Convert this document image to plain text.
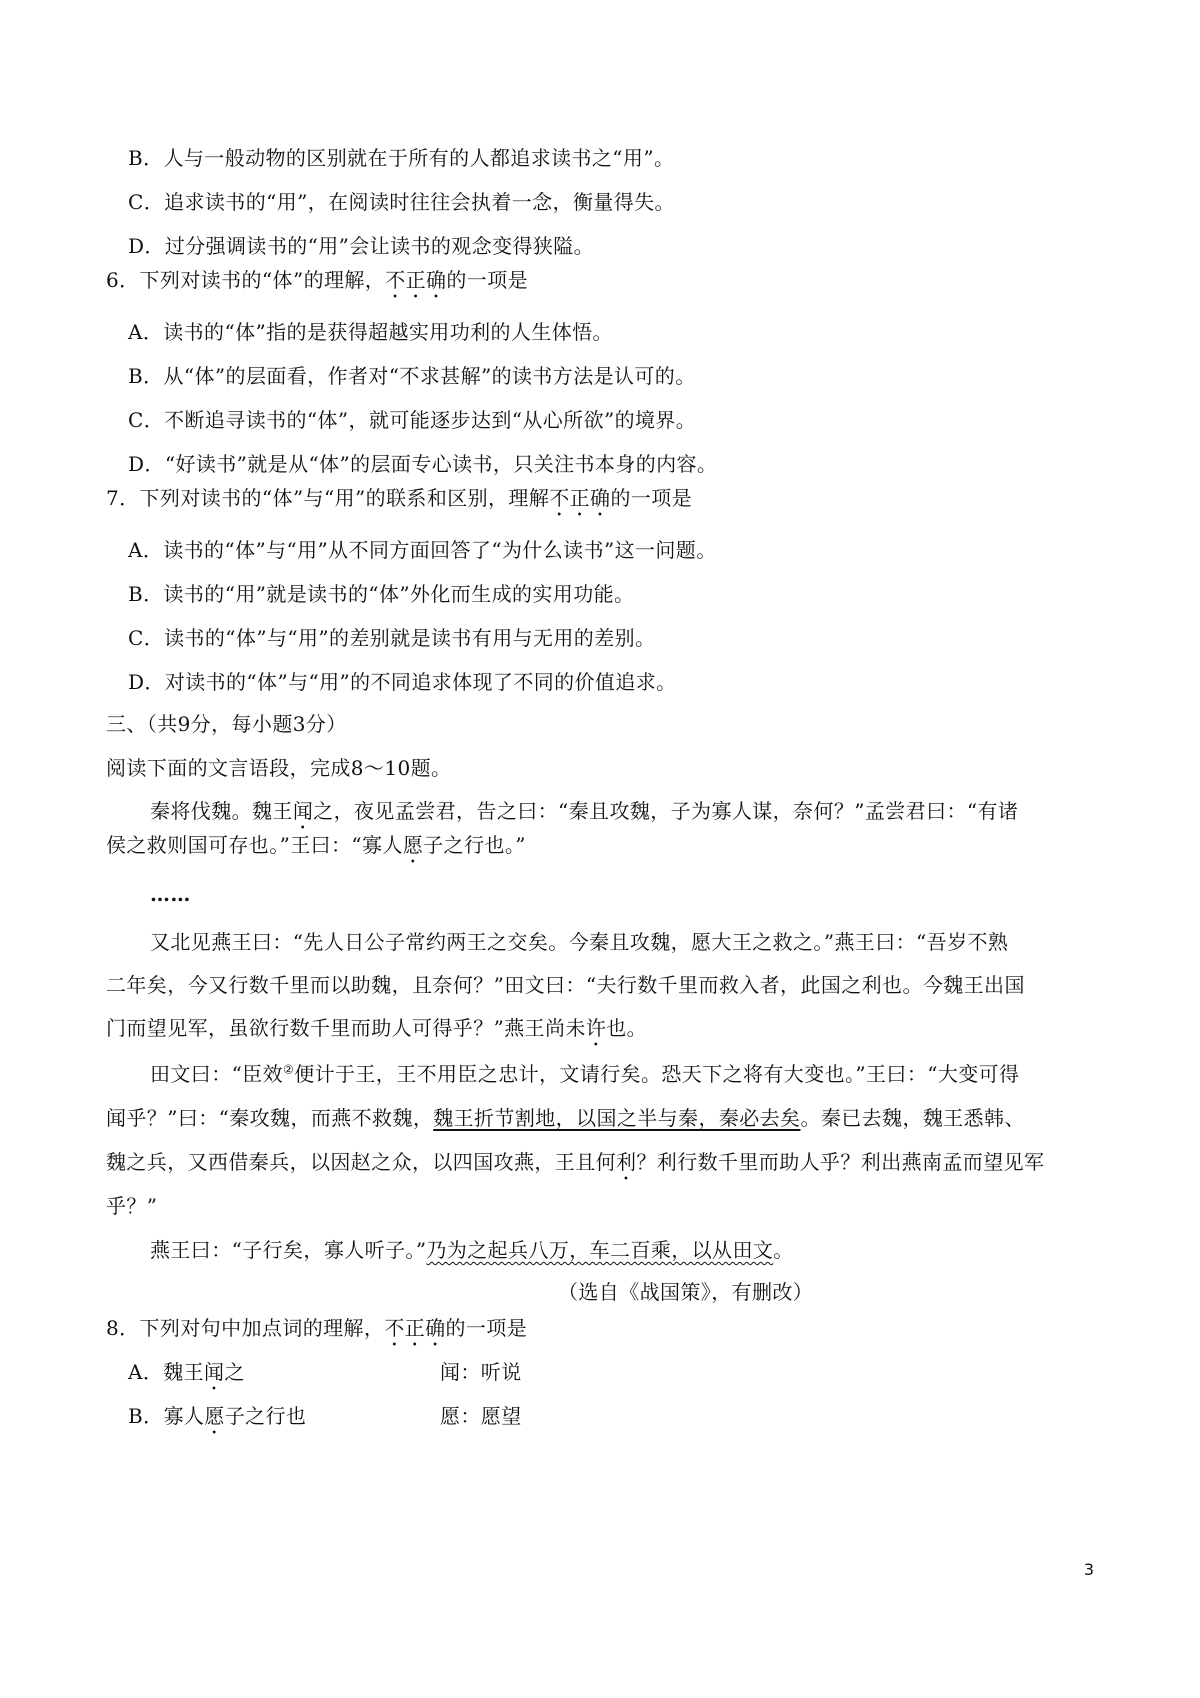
B．人与一般动物的区别就在于所有的人都追求读书之“用”。
C．追求读书的“用”，在阅读时往往会执着一念，衡量得失。
D．过分强调读书的“用”会让读书的观念变得狭隘。
6．下列对读书的“体”的理解，不正确的一项是
A．读书的“体”指的是获得超越实用功利的人生体悟。
B．从“体”的层面看，作者对“不求甚解”的读书方法是认可的。
C．不断追寻读书的“体”，就可能逐步达到“从心所欲”的境界。
D．“好读书”就是从“体”的层面专心读书，只关注书本身的内容。
7．下列对读书的“体”与“用”的联系和区别，理解不正确的一项是
A．读书的“体”与“用”从不同方面回答了“为什么读书”这一问题。
B．读书的“用”就是读书的“体”外化而生成的实用功能。
C．读书的“体”与“用”的差别就是读书有用与无用的差别。
D．对读书的“体”与“用”的不同追求体现了不同的价值追求。
三、（共9分，每小题3分）
阅读下面的文言语段，完成8～10题。
秦将伐魏。魏王闻之，夜见孟尝君，告之曰：“秦且攻魏，子为寡人谋，奈何？”孟尝君曰：“有诸
侯之救则国可存也。”王曰：“寡人愿子之行也。”
……
又北见燕王曰：“先人日公子常约两王之交矣。今秦且攻魏，愿大王之救之。”燕王曰：“吾岁不熟
二年矣，今又行数千里而以助魏，且奈何？”田文曰：“夫行数千里而救入者，此国之利也。今魏王出国
门而望见军，虽欲行数千里而助人可得乎？”燕王尚未许也。
田文曰：“臣效②便计于王，王不用臣之忠计，文请行矣。恐天下之将有大变也。”王曰：“大变可得
闻乎？”曰：“秦攻魏，而燕不救魏，魏王折节割地，以国之半与秦，秦必去矣。秦已去魏，魏王悉韩、
魏之兵，又西借秦兵，以因赵之众，以四国攻燕，王且何利？利行数千里而助人乎？利出燕南孟而望见军
乎？”
燕王曰：“子行矣，寡人听子。”乃为之起兵八万，车二百乘，以从田文。
（选自《战国策》，有删改）
8．下列对句中加点词的理解，不正确的一项是
A．魏王闻之	闻：听说
B．寡人愿子之行也	愿：愿望
3
